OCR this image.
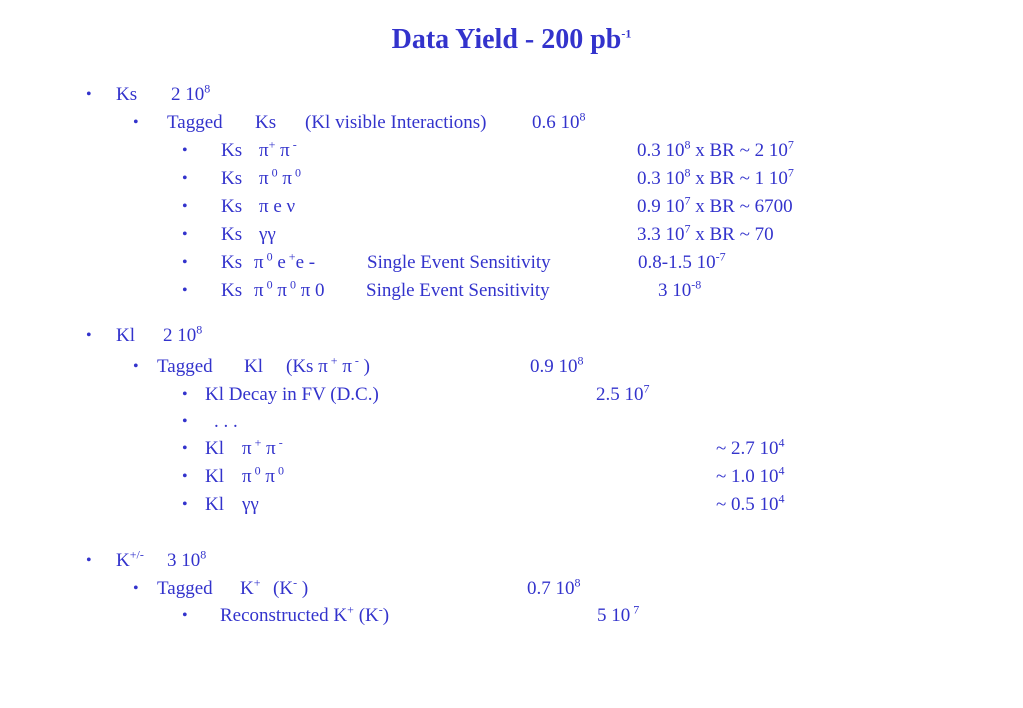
Data Yield - 200 $pb^{-1}$
• Ks 2 $10^8$
• Tagged Ks (Kl visible Interactions) 0.6 $10^8$
• Ks π+ π -	0.3 $10^8$ x BR ~ 2 $10^7$
• Ks π $^0$ π $^0$	0.3 $10^8$ x BR ~ 1 $10^7$
• Ks π e ν	0.9 $10^7$ x BR ~ 6700
• Ks γγ	3.3 $10^7$ x BR ~ 70
• Ks π $^0$ e +e -	Single Event Sensitivity	0.8-1.5 $10^{-7}$
• Ks π $^0$ π $^0$ π 0 Single Event Sensitivity	3 $10^{-8}$
• Kl 2 $10^8$
• Tagged Kl (Ks π + π - )	0.9 $10^8$
• Kl Decay in FV (D.C.)	2.5 $10^7$
• . . .
• Kl π + π -	~ 2.7 $10^4$
• Kl π $^0$ π $^0$	~ 1.0 $10^4$
• Kl γγ	~ 0.5 $10^4$
• K+/- 3 $10^8$
• Tagged K+ (K- )	0.7 $10^8$
• Reconstructed K+ (K-)	5 10 $^7$
